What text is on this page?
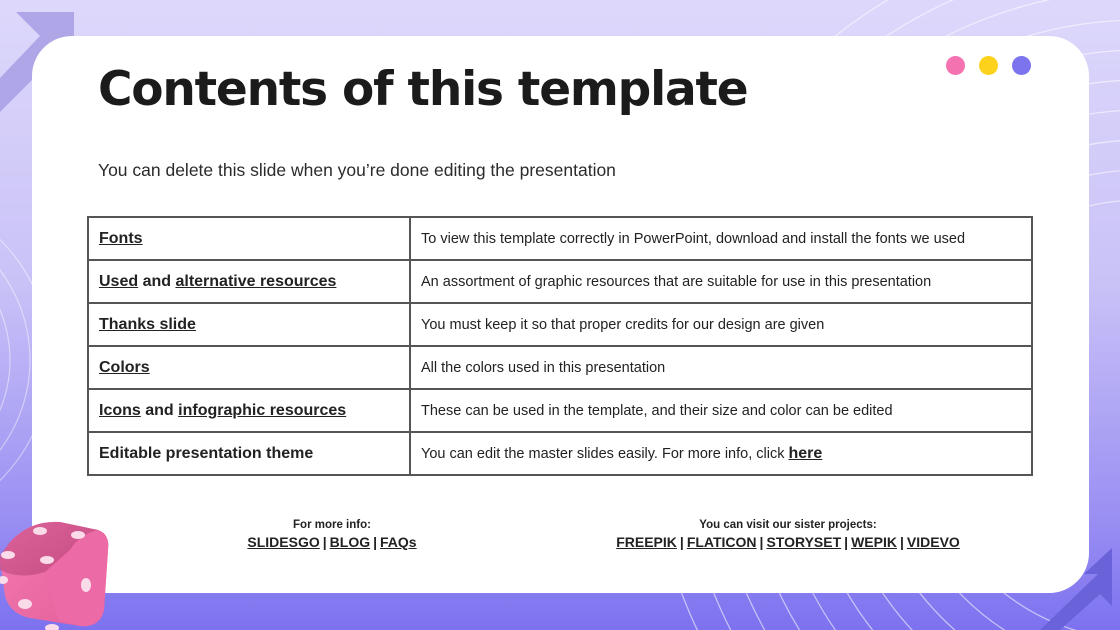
Contents of this template

You can delete this slide when you’re done editing the presentation

Fonts	To view this template correctly in PowerPoint, download and install the fonts we used
Used and alternative resources	An assortment of graphic resources that are suitable for use in this presentation
Thanks slide	You must keep it so that proper credits for our design are given
Colors	All the colors used in this presentation
Icons and infographic resources	These can be used in the template, and their size and color can be edited
Editable presentation theme	You can edit the master slides easily. For more info, click here
For more info:
SLIDESGO | BLOG | FAQs
You can visit our sister projects:
FREEPIK | FLATICON | STORYSET | WEPIK | VIDEVO
